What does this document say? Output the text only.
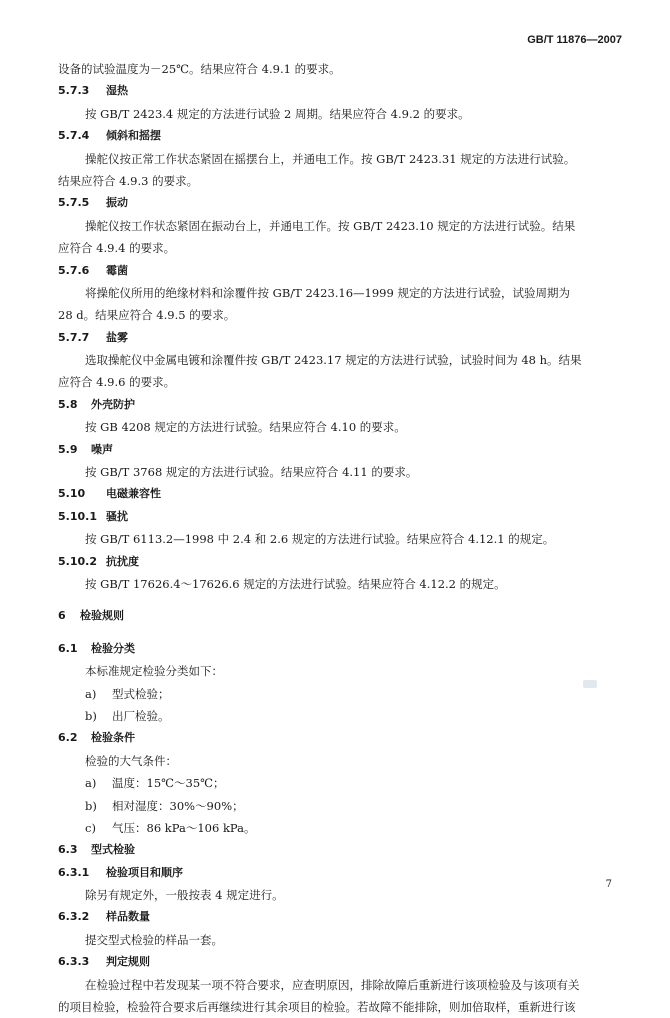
GB/T 11876—2007
设备的试验温度为－25℃。结果应符合 4.9.1 的要求。
5.7.3 湿热
按 GB/T 2423.4 规定的方法进行试验 2 周期。结果应符合 4.9.2 的要求。
5.7.4 倾斜和摇摆
操舵仪按正常工作状态紧固在摇摆台上，并通电工作。按 GB/T 2423.31 规定的方法进行试验。
结果应符合 4.9.3 的要求。
5.7.5 振动
操舵仪按工作状态紧固在振动台上，并通电工作。按 GB/T 2423.10 规定的方法进行试验。结果
应符合 4.9.4 的要求。
5.7.6 霉菌
将操舵仪所用的绝缘材料和涂覆件按 GB/T 2423.16—1999 规定的方法进行试验，试验周期为
28 d。结果应符合 4.9.5 的要求。
5.7.7 盐雾
选取操舵仪中金属电镀和涂覆件按 GB/T 2423.17 规定的方法进行试验，试验时间为 48 h。结果
应符合 4.9.6 的要求。
5.8 外壳防护
按 GB 4208 规定的方法进行试验。结果应符合 4.10 的要求。
5.9 噪声
按 GB/T 3768 规定的方法进行试验。结果应符合 4.11 的要求。
5.10 电磁兼容性
5.10.1 骚扰
按 GB/T 6113.2—1998 中 2.4 和 2.6 规定的方法进行试验。结果应符合 4.12.1 的规定。
5.10.2 抗扰度
按 GB/T 17626.4～17626.6 规定的方法进行试验。结果应符合 4.12.2 的规定。
6 检验规则
6.1 检验分类
本标准规定检验分类如下：
a) 型式检验；
b) 出厂检验。
6.2 检验条件
检验的大气条件：
a) 温度：15℃～35℃；
b) 相对湿度：30%～90%；
c) 气压：86 kPa～106 kPa。
6.3 型式检验
6.3.1 检验项目和顺序
除另有规定外，一般按表 4 规定进行。
6.3.2 样品数量
提交型式检验的样品一套。
6.3.3 判定规则
在检验过程中若发现某一项不符合要求，应查明原因，排除故障后重新进行该项检验及与该项有关
的项目检验，检验符合要求后再继续进行其余项目的检验。若故障不能排除，则加倍取样，重新进行该
7
